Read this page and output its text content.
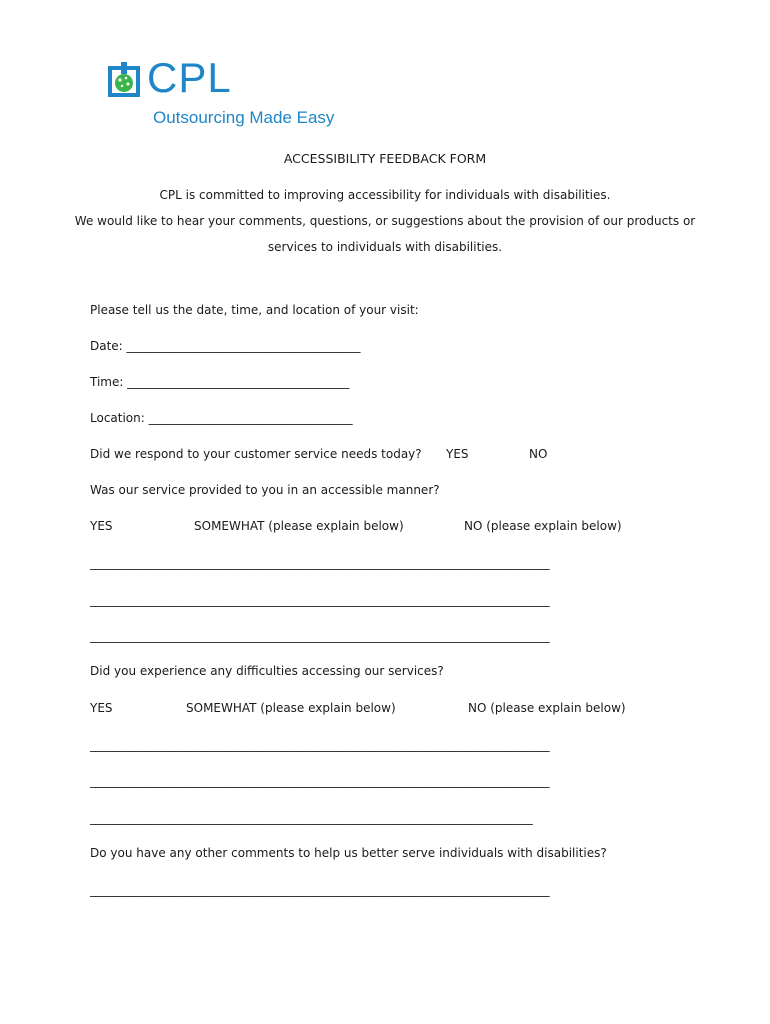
CPL
Outsourcing Made Easy
ACCESSIBILITY FEEDBACK FORM
CPL is committed to improving accessibility for individuals with disabilities.
We would like to hear your comments, questions, or suggestions about the provision of our products or
services to individuals with disabilities.
Please tell us the date, time, and location of your visit:
Date: _______________________________________
Time: _____________________________________
Location: __________________________________
Did we respond to your customer service needs today? YES	NO
Was our service provided to you in an accessible manner?
YES	SOMEWHAT (please explain below)	NO (please explain below)
__________________________________________________________________________________
__________________________________________________________________________________
__________________________________________________________________________________
Did you experience any difficulties accessing our services?
YES	SOMEWHAT (please explain below)	NO (please explain below)
__________________________________________________________________________________
__________________________________________________________________________________
_______________________________________________________________________________
Do you have any other comments to help us better serve individuals with disabilities?
__________________________________________________________________________________
